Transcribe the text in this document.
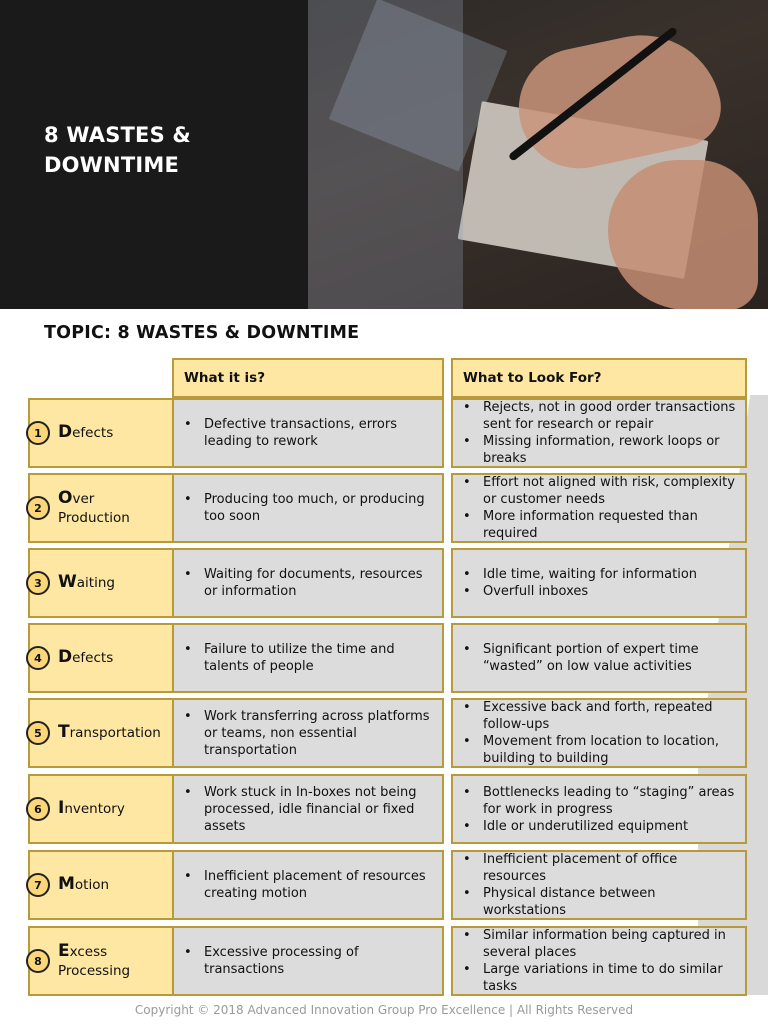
8 WASTES & DOWNTIME
TOPIC: 8 WASTES & DOWNTIME
What it is?	What to Look For?
1 Defects
• Defective transactions, errors leading to rework
• Rejects, not in good order transactions sent for research or repair
• Missing information, rework loops or breaks
2
Over
Production
• Producing too much, or producing too soon
• Effort not aligned with risk, complexity or customer needs
• More information requested than required
3 Waiting
• Waiting for documents, resources or information
• Idle time, waiting for information
• Overfull inboxes
4 Defects
• Failure to utilize the time and talents of people
• Significant portion of expert time “wasted” on low value activities
5 Transportation
• Work transferring across platforms or teams, non essential transportation
• Excessive back and forth, repeated follow-ups
• Movement from location to location, building to building
6 Inventory
• Work stuck in In-boxes not being processed, idle financial or fixed assets
• Bottlenecks leading to “staging” areas for work in progress
• Idle or underutilized equipment
7 Motion
• Inefficient placement of resources creating motion
• Inefficient placement of office resources
• Physical distance between workstations
8
Excess
Processing
• Excessive processing of transactions
• Similar information being captured in several places
• Large variations in time to do similar tasks
Copyright © 2018 Advanced Innovation Group Pro Excellence | All Rights Reserved
